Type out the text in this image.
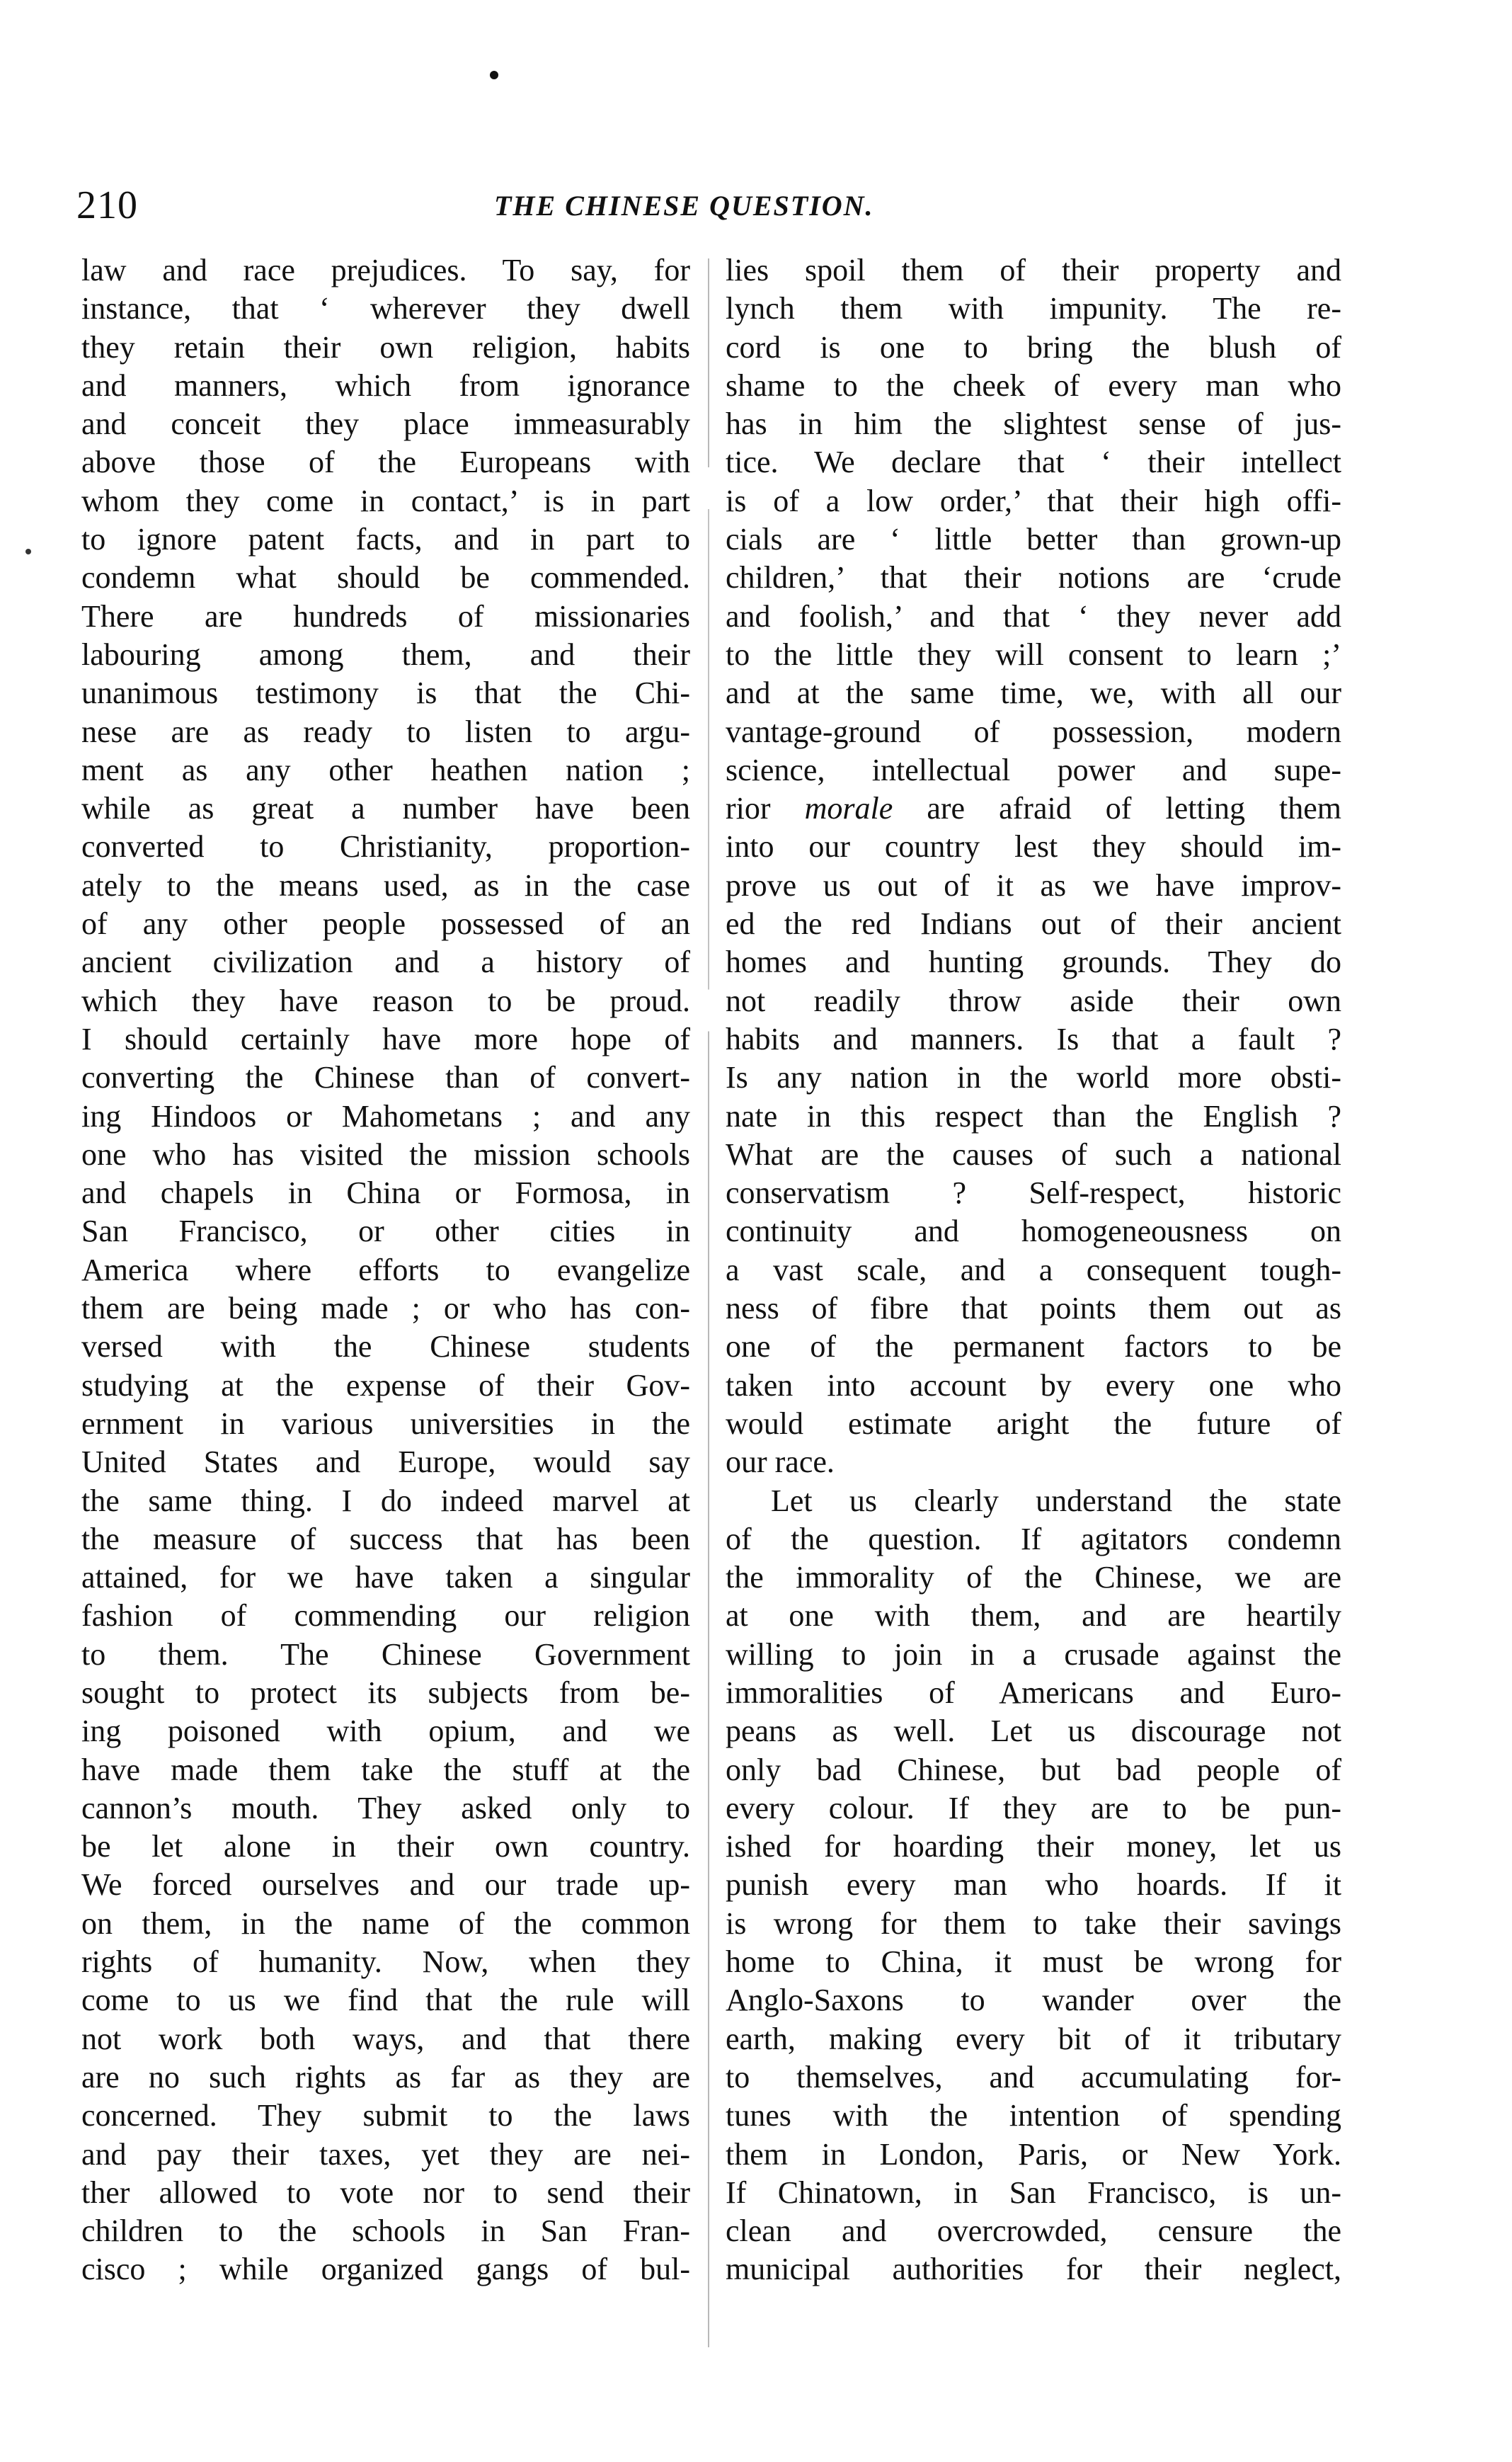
210	THE CHINESE QUESTION.
law and race prejudices. To say, for
instance, that ‘ wherever they dwell
they retain their own religion, habits
and manners, which from ignorance
and conceit they place immeasurably
above those of the Europeans with
whom they come in contact,’ is in part
to ignore patent facts, and in part to
condemn what should be commended.
There are hundreds of missionaries
labouring among them, and their
unanimous testimony is that the Chi-
nese are as ready to listen to argu-
ment as any other heathen nation ;
while as great a number have been
converted to Christianity, proportion-
ately to the means used, as in the case
of any other people possessed of an
ancient civilization and a history of
which they have reason to be proud.
I should certainly have more hope of
converting the Chinese than of convert-
ing Hindoos or Mahometans ; and any
one who has visited the mission schools
and chapels in China or Formosa, in
San Francisco, or other cities in
America where efforts to evangelize
them are being made ; or who has con-
versed with the Chinese students
studying at the expense of their Gov-
ernment in various universities in the
United States and Europe, would say
the same thing. I do indeed marvel at
the measure of success that has been
attained, for we have taken a singular
fashion of commending our religion
to them. The Chinese Government
sought to protect its subjects from be-
ing poisoned with opium, and we
have made them take the stuff at the
cannon’s mouth. They asked only to
be let alone in their own country.
We forced ourselves and our trade up-
on them, in the name of the common
rights of humanity. Now, when they
come to us we find that the rule will
not work both ways, and that there
are no such rights as far as they are
concerned. They submit to the laws
and pay their taxes, yet they are nei-
ther allowed to vote nor to send their
children to the schools in San Fran-
cisco ; while organized gangs of bul-
lies spoil them of their property and
lynch them with impunity. The re-
cord is one to bring the blush of
shame to the cheek of every man who
has in him the slightest sense of jus-
tice. We declare that ‘ their intellect
is of a low order,’ that their high offi-
cials are ‘ little better than grown-up
children,’ that their notions are ‘crude
and foolish,’ and that ‘ they never add
to the little they will consent to learn ;’
and at the same time, we, with all our
vantage-ground of possession, modern
science, intellectual power and supe-
rior morale are afraid of letting them
into our country lest they should im-
prove us out of it as we have improv-
ed the red Indians out of their ancient
homes and hunting grounds. They do
not readily throw aside their own
habits and manners. Is that a fault ?
Is any nation in the world more obsti-
nate in this respect than the English ?
What are the causes of such a national
conservatism ? Self-respect, historic
continuity and homogeneousness on
a vast scale, and a consequent tough-
ness of fibre that points them out as
one of the permanent factors to be
taken into account by every one who
would estimate aright the future of
our race.
Let us clearly understand the state
of the question. If agitators condemn
the immorality of the Chinese, we are
at one with them, and are heartily
willing to join in a crusade against the
immoralities of Americans and Euro-
peans as well. Let us discourage not
only bad Chinese, but bad people of
every colour. If they are to be pun-
ished for hoarding their money, let us
punish every man who hoards. If it
is wrong for them to take their savings
home to China, it must be wrong for
Anglo-Saxons to wander over the
earth, making every bit of it tributary
to themselves, and accumulating for-
tunes with the intention of spending
them in London, Paris, or New York.
If Chinatown, in San Francisco, is un-
clean and overcrowded, censure the
municipal authorities for their neglect,
